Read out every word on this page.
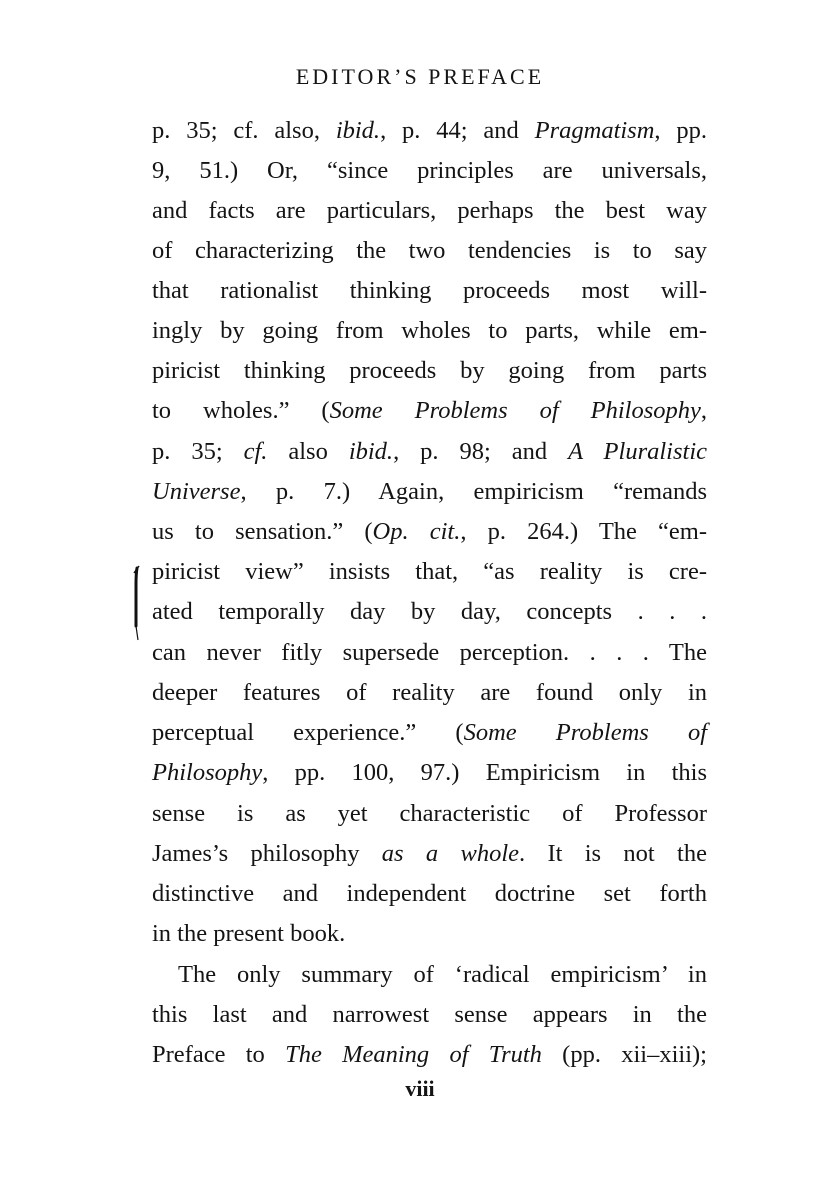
EDITOR’S PREFACE
p. 35; cf. also, ibid., p. 44; and Pragmatism, pp.
9, 51.) Or, “since principles are universals,
and facts are particulars, perhaps the best way
of characterizing the two tendencies is to say
that rationalist thinking proceeds most will-
ingly by going from wholes to parts, while em-
piricist thinking proceeds by going from parts
to wholes.” (Some Problems of Philosophy,
p. 35; cf. also ibid., p. 98; and A Pluralistic
Universe, p. 7.) Again, empiricism “remands
us to sensation.” (Op. cit., p. 264.) The “em-
piricist view” insists that, “as reality is cre-
ated temporally day by day, concepts . . .
can never fitly supersede perception. . . . The
deeper features of reality are found only in
perceptual experience.” (Some Problems of
Philosophy, pp. 100, 97.) Empiricism in this
sense is as yet characteristic of Professor
James’s philosophy as a whole. It is not the
distinctive and independent doctrine set forth
in the present book.
The only summary of ‘radical empiricism’ in
this last and narrowest sense appears in the
Preface to The Meaning of Truth (pp. xii–xiii);
viii
